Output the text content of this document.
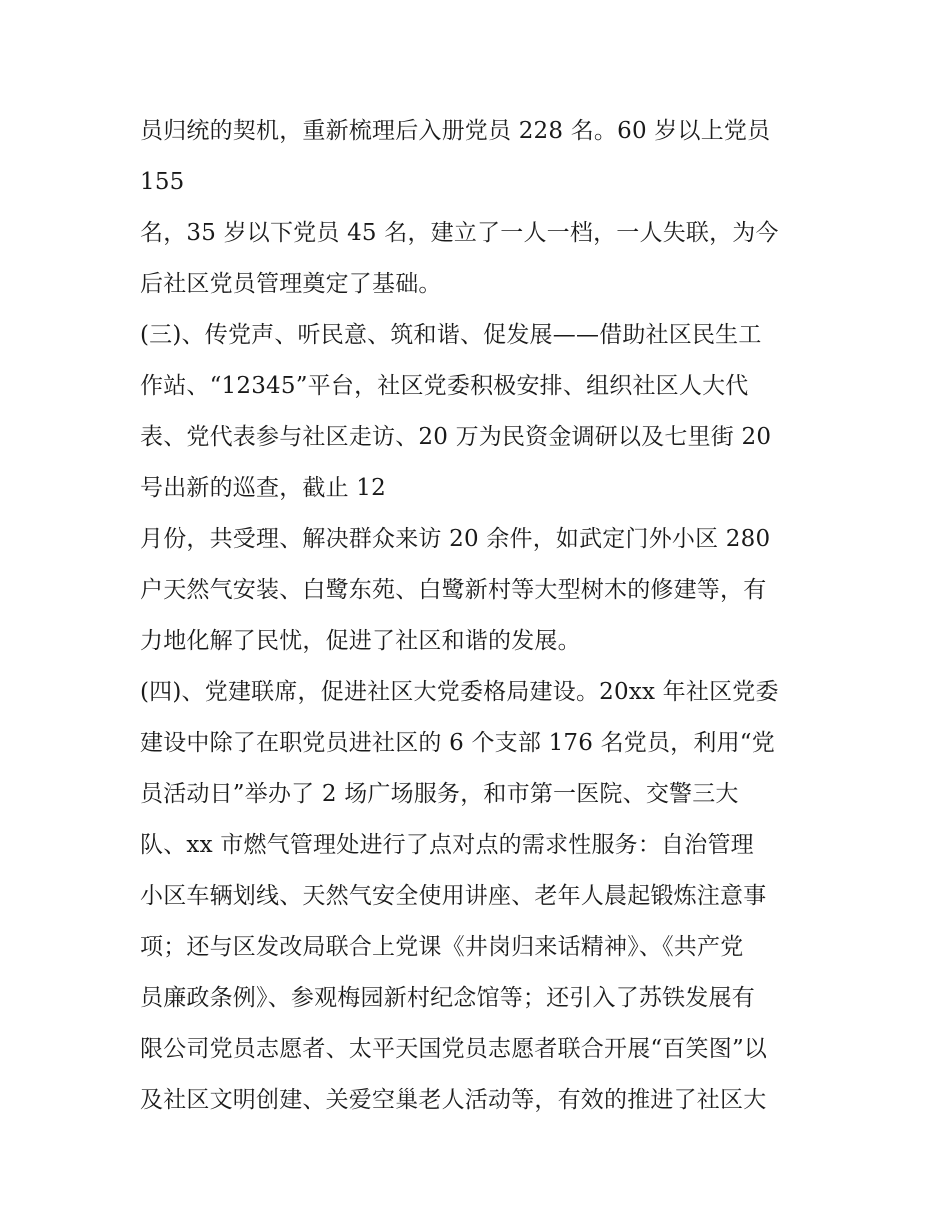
员归统的契机，重新梳理后入册党员 228 名。60 岁以上党员
155
名，35 岁以下党员 45 名，建立了一人一档，一人失联，为今
后社区党员管理奠定了基础。
(三)、传党声、听民意、筑和谐、促发展——借助社区民生工
作站、“12345”平台，社区党委积极安排、组织社区人大代
表、党代表参与社区走访、20 万为民资金调研以及七里街 20
号出新的巡查，截止 12
月份，共受理、解决群众来访 20 余件，如武定门外小区 280
户天然气安装、白鹭东苑、白鹭新村等大型树木的修建等，有
力地化解了民忧，促进了社区和谐的发展。
(四)、党建联席，促进社区大党委格局建设。20xx 年社区党委
建设中除了在职党员进社区的 6 个支部 176 名党员，利用“党
员活动日”举办了 2 场广场服务，和市第一医院、交警三大
队、xx 市燃气管理处进行了点对点的需求性服务：自治管理
小区车辆划线、天然气安全使用讲座、老年人晨起锻炼注意事
项；还与区发改局联合上党课《井岗归来话精神》、《共产党
员廉政条例》、参观梅园新村纪念馆等；还引入了苏铁发展有
限公司党员志愿者、太平天国党员志愿者联合开展“百笑图”以
及社区文明创建、关爱空巢老人活动等，有效的推进了社区大
